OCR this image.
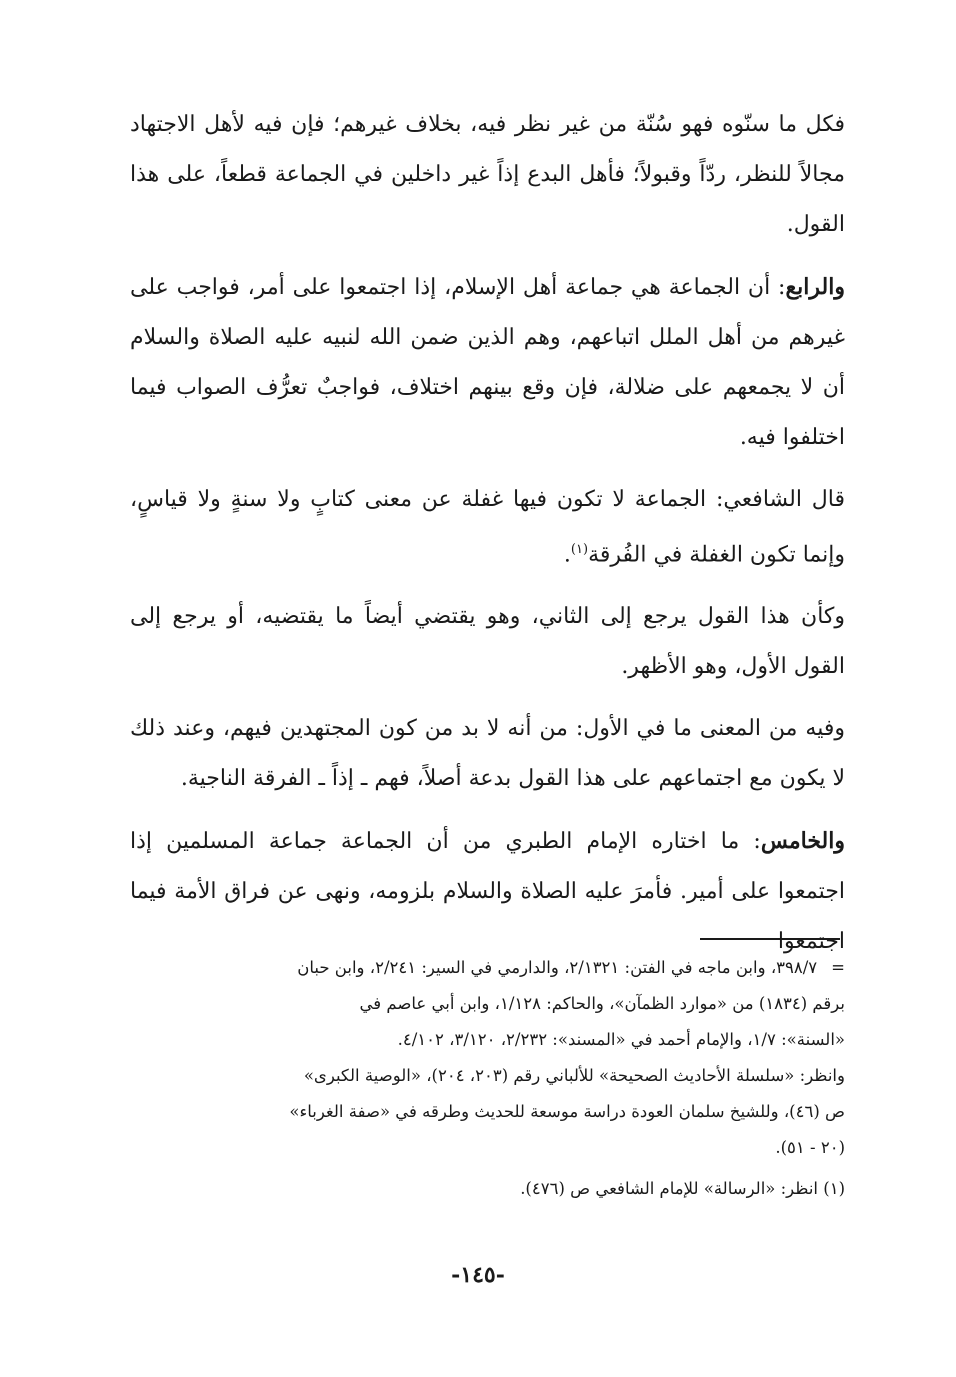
فكل ما سنّوه فهو سُنّة من غير نظر فيه، بخلاف غيرهم؛ فإن فيه لأهل الاجتهاد مجالاً للنظر، ردّاً وقبولاً؛ فأهل البدع إذاً غير داخلين في الجماعة قطعاً، على هذا القول.

والرابع: أن الجماعة هي جماعة أهل الإسلام، إذا اجتمعوا على أمر، فواجب على غيرهم من أهل الملل اتباعهم، وهم الذين ضمن الله لنبيه عليه الصلاة والسلام أن لا يجمعهم على ضلالة، فإن وقع بينهم اختلاف، فواجبٌ تعرُّف الصواب فيما اختلفوا فيه.

قال الشافعي: الجماعة لا تكون فيها غفلة عن معنى كتابٍ ولا سنةٍ ولا قياسٍ، وإنما تكون الغفلة في الفُرقة$^{(١)}$.

وكأن هذا القول يرجع إلى الثاني، وهو يقتضي أيضاً ما يقتضيه، أو يرجع إلى القول الأول، وهو الأظهر.

وفيه من المعنى ما في الأول: من أنه لا بد من كون المجتهدين فيهم، وعند ذلك لا يكون مع اجتماعهم على هذا القول بدعة أصلاً، فهم ـ إذاً ـ الفرقة الناجية.

والخامس: ما اختاره الإمام الطبري من أن الجماعة جماعة المسلمين إذا اجتمعوا على أمير. فأمرَ عليه الصلاة والسلام بلزومه، ونهى عن فراق الأمة فيما اجتمعوا

=٣٩٨/٧، وابن ماجه في الفتن: ٢/١٣٢١، والدارمي في السير: ٢/٢٤١، وابن حبان

برقم (١٨٣٤) من «موارد الظمآن»، والحاكم: ١/١٢٨، وابن أبي عاصم في

«السنة»: ١/٧، والإمام أحمد في «المسند»: ٢/٢٣٢، ٣/١٢٠، ٤/١٠٢.

وانظر: «سلسلة الأحاديث الصحيحة» للألباني رقم (٢٠٣، ٢٠٤)، «الوصية الكبرى»

ص (٤٦)، وللشيخ سلمان العودة دراسة موسعة للحديث وطرقه في «صفة الغرباء»

(٢٠ - ٥١).

(١) انظر: «الرسالة» للإمام الشافعي ص (٤٧٦).

-١٤٥-
